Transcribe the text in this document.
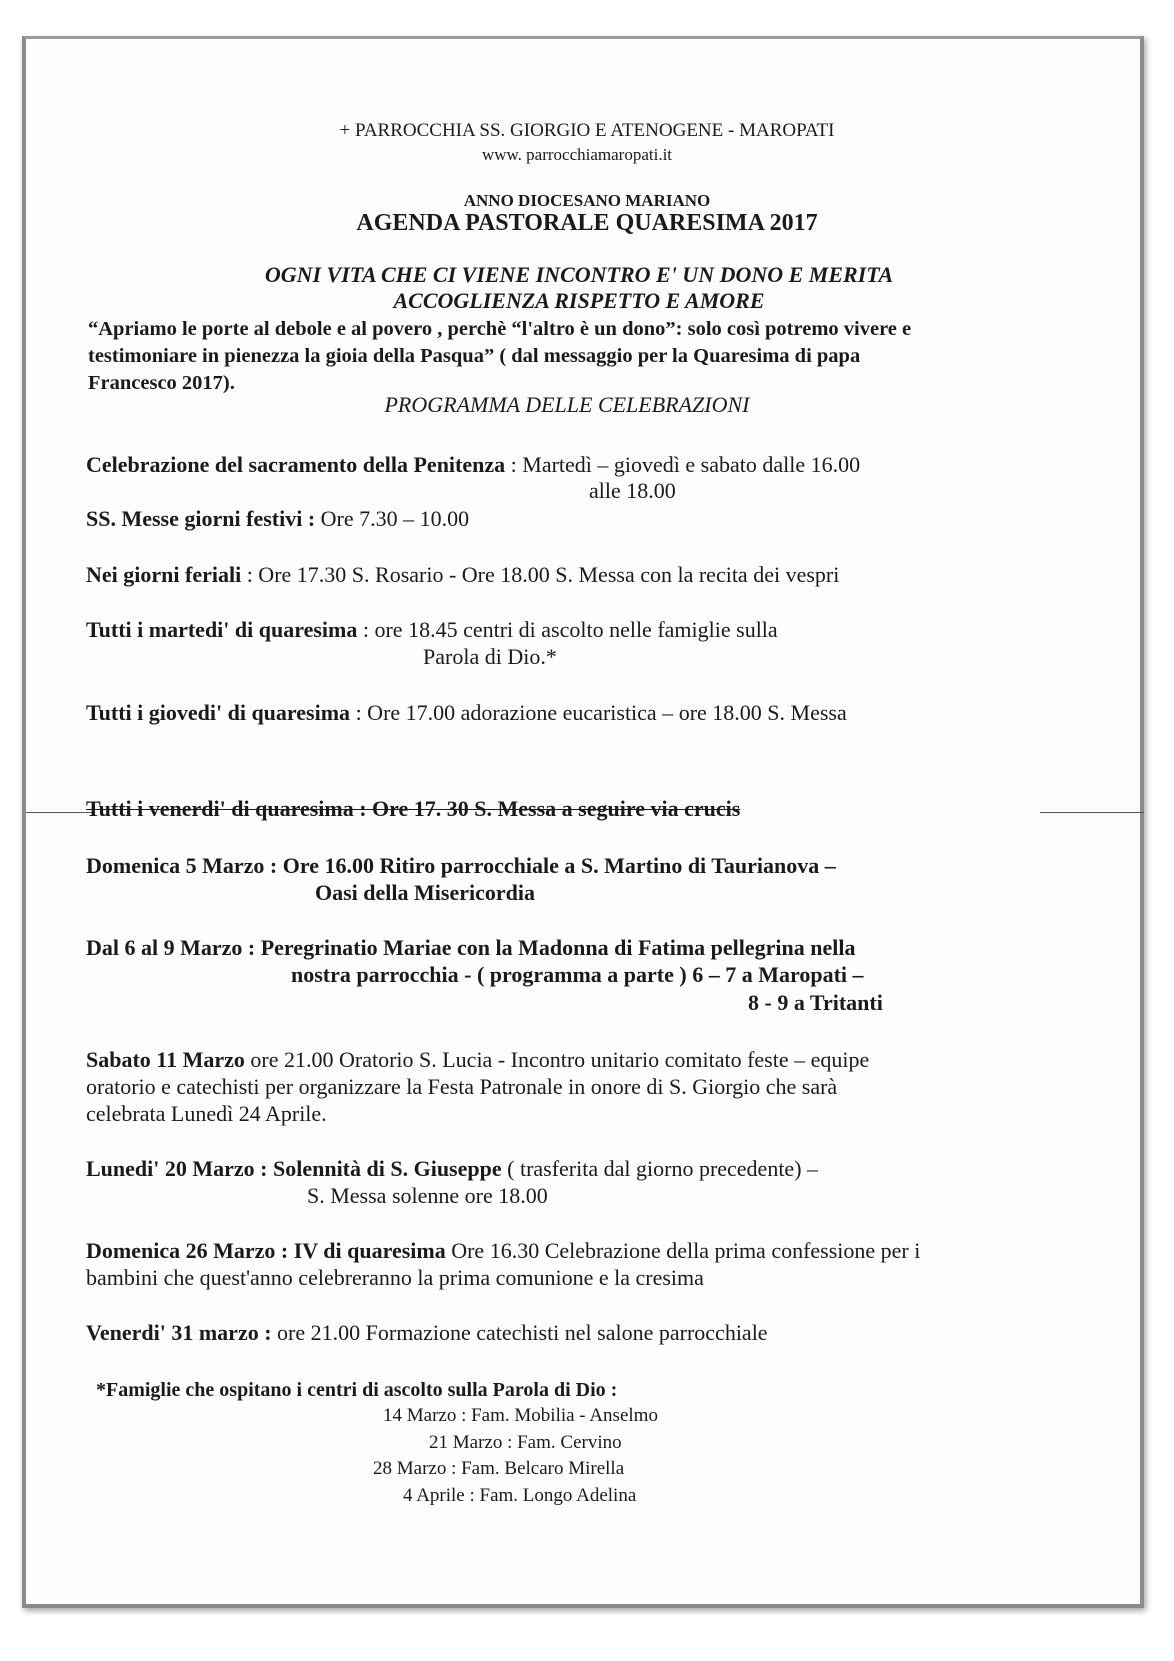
+ PARROCCHIA SS. GIORGIO E ATENOGENE - MAROPATI
www. parrocchiamaropati.it
ANNO DIOCESANO MARIANO
AGENDA PASTORALE QUARESIMA 2017
OGNI VITA CHE CI VIENE INCONTRO E' UN DONO E MERITA
ACCOGLIENZA RISPETTO E AMORE
“Apriamo le porte al debole e al povero , perchè “l'altro è un dono”: solo così potremo vivere e
testimoniare in pienezza la gioia della Pasqua” ( dal messaggio per la Quaresima di papa
Francesco 2017).
PROGRAMMA DELLE CELEBRAZIONI
Celebrazione del sacramento della Penitenza : Martedì – giovedì e sabato dalle 16.00
alle 18.00
SS. Messe giorni festivi : Ore 7.30 – 10.00
Nei giorni feriali : Ore 17.30 S. Rosario - Ore 18.00 S. Messa con la recita dei vespri
Tutti i martedi' di quaresima : ore 18.45 centri di ascolto nelle famiglie sulla
Parola di Dio.*
Tutti i giovedi' di quaresima : Ore 17.00 adorazione eucaristica – ore 18.00 S. Messa
Tutti i venerdi' di quaresima : Ore 17. 30 S. Messa a seguire via crucis
Domenica 5 Marzo : Ore 16.00 Ritiro parrocchiale a S. Martino di Taurianova –
Oasi della Misericordia
Dal 6 al 9 Marzo : Peregrinatio Mariae con la Madonna di Fatima pellegrina nella
nostra parrocchia - ( programma a parte ) 6 – 7 a Maropati –
8 - 9 a Tritanti
Sabato 11 Marzo ore 21.00 Oratorio S. Lucia - Incontro unitario comitato feste – equipe
oratorio e catechisti per organizzare la Festa Patronale in onore di S. Giorgio che sarà
celebrata Lunedì 24 Aprile.
Lunedi' 20 Marzo : Solennità di S. Giuseppe ( trasferita dal giorno precedente) –
S. Messa solenne ore 18.00
Domenica 26 Marzo : IV di quaresima Ore 16.30 Celebrazione della prima confessione per i
bambini che quest'anno celebreranno la prima comunione e la cresima
Venerdi' 31 marzo : ore 21.00 Formazione catechisti nel salone parrocchiale
*Famiglie che ospitano i centri di ascolto sulla Parola di Dio :
14 Marzo : Fam. Mobilia - Anselmo
21 Marzo : Fam. Cervino
28 Marzo : Fam. Belcaro Mirella
4 Aprile : Fam. Longo Adelina
